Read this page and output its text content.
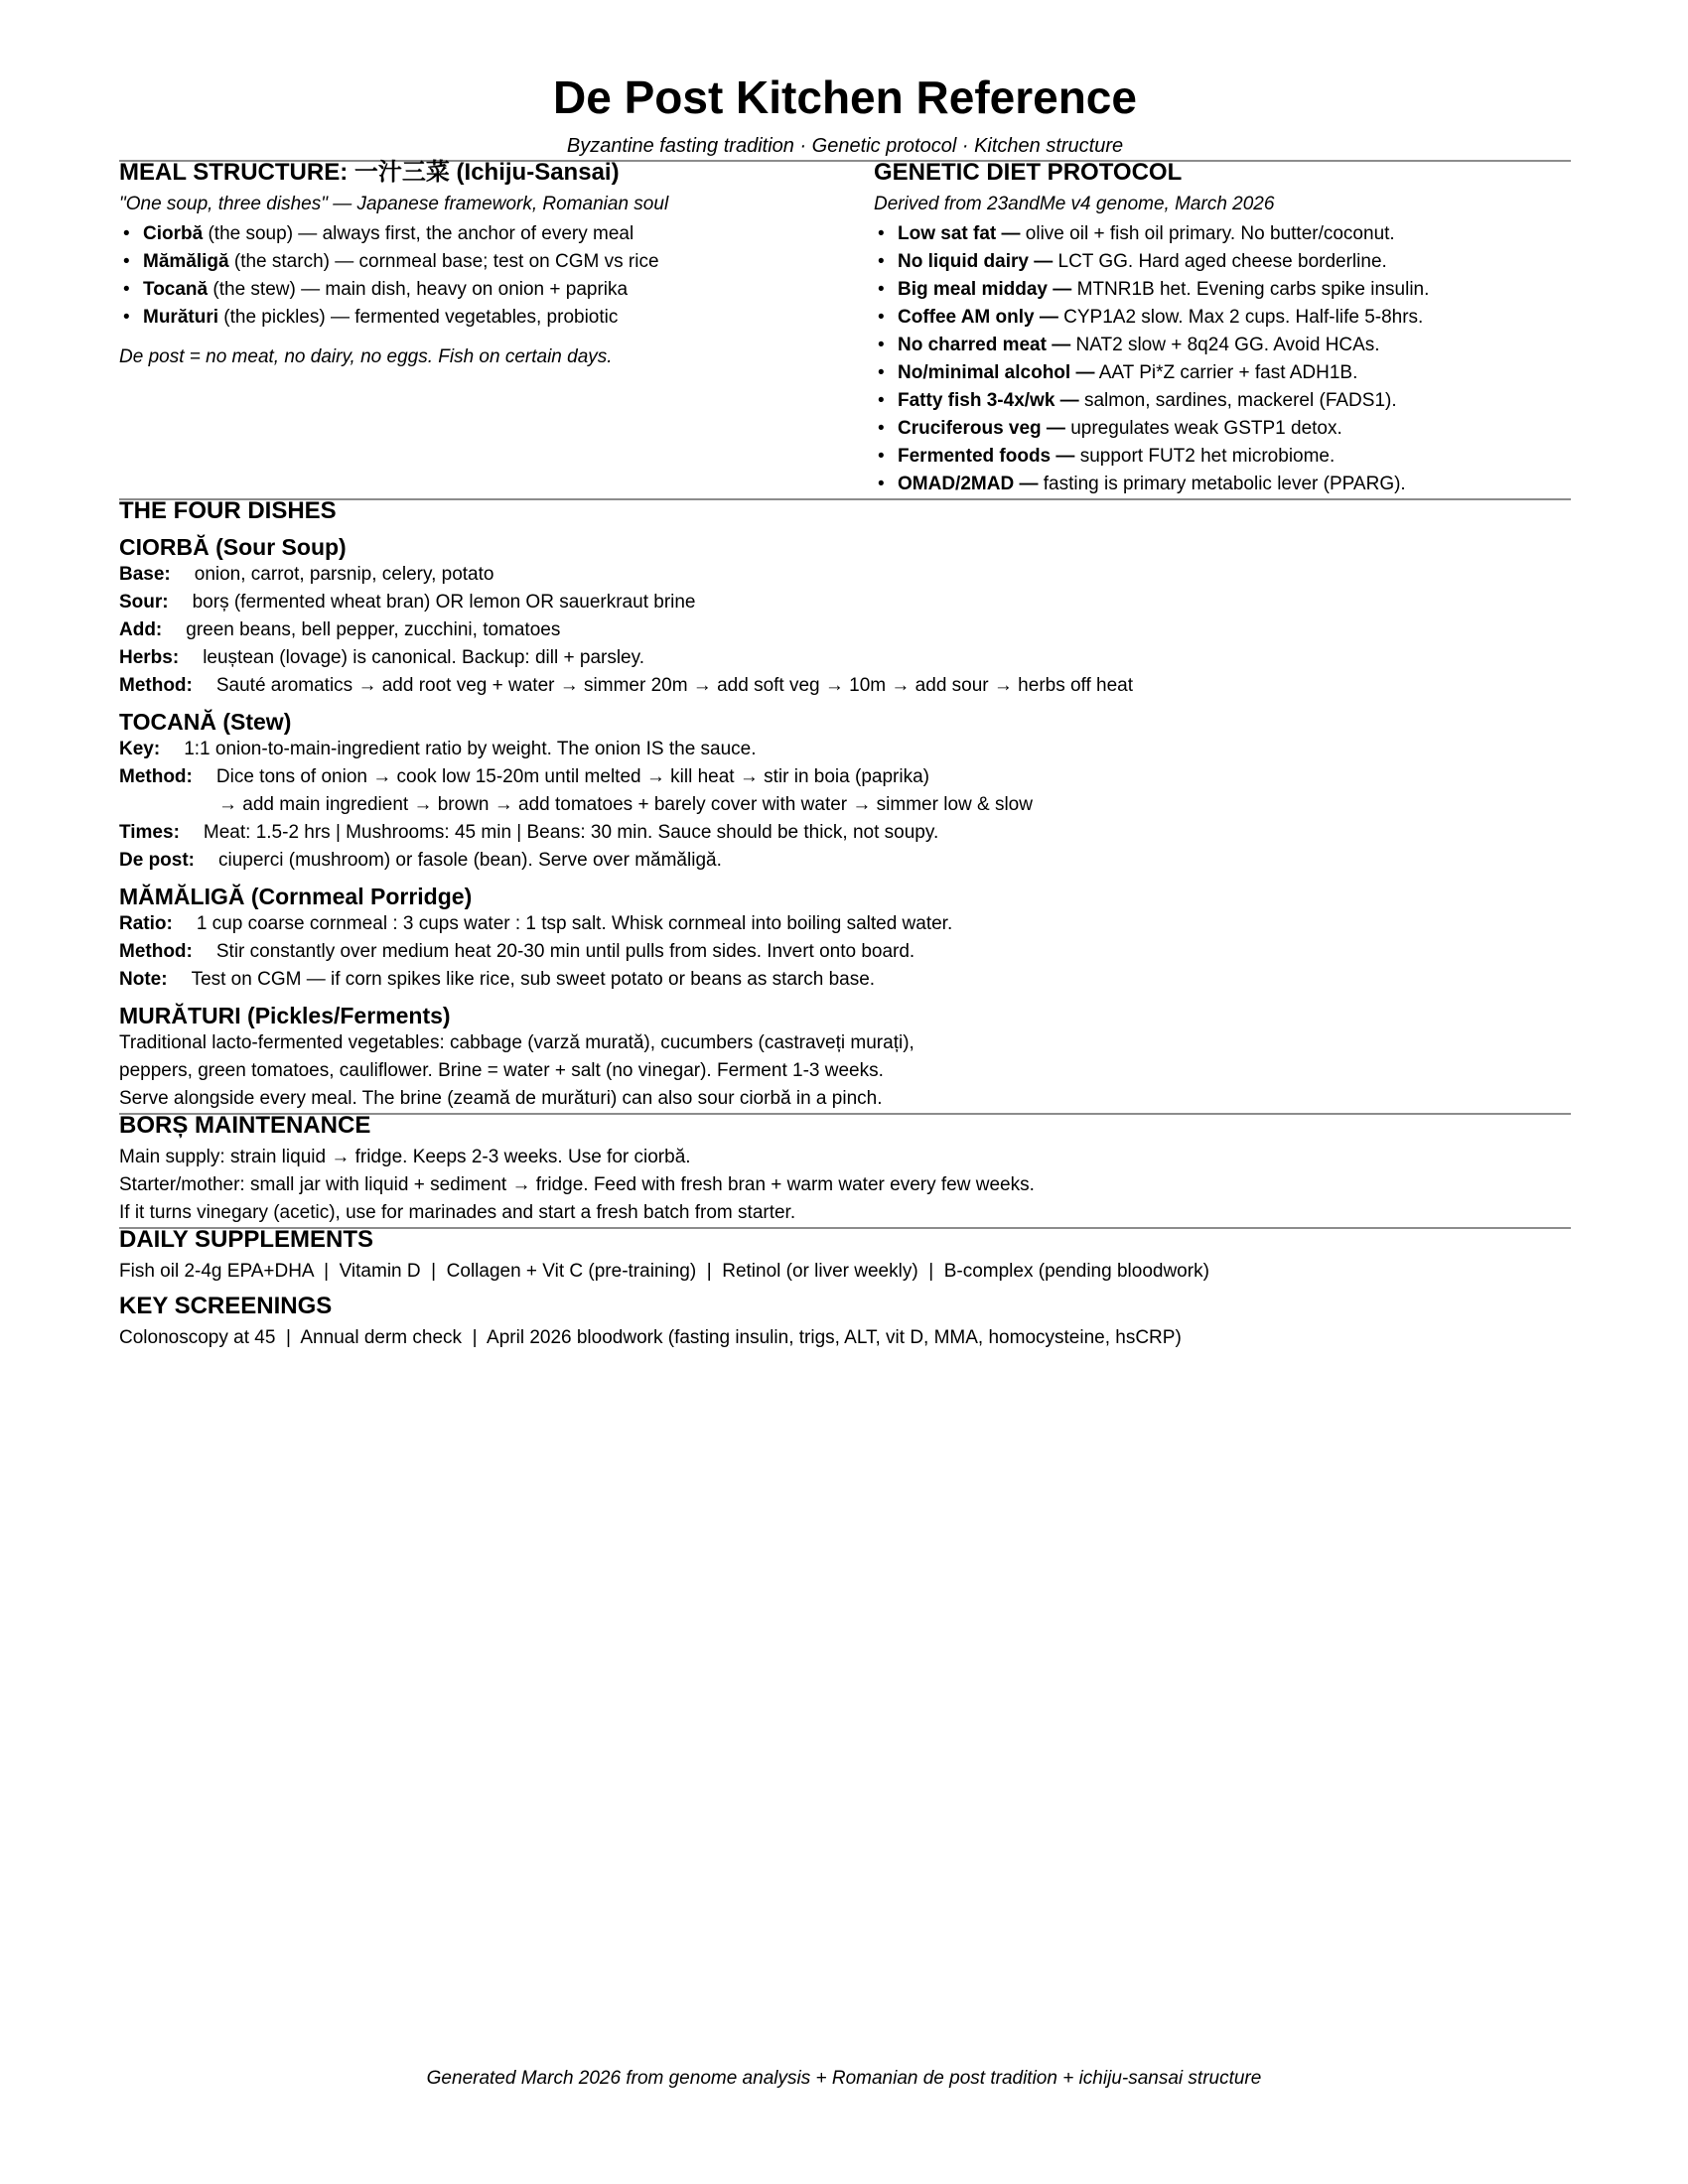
De Post Kitchen Reference

Byzantine fasting tradition · Genetic protocol · Kitchen structure

MEAL STRUCTURE: 一汁三菜 (Ichiju-Sansai)

"One soup, three dishes" — Japanese framework, Romanian soul

• Ciorbă (the soup) — always first, the anchor of every meal
• Mămăligă (the starch) — cornmeal base; test on CGM vs rice
• Tocană (the stew) — main dish, heavy on onion + paprika
• Murături (the pickles) — fermented vegetables, probiotic

De post = no meat, no dairy, no eggs. Fish on certain days.

GENETIC DIET PROTOCOL

Derived from 23andMe v4 genome, March 2026

• Low sat fat — olive oil + fish oil primary. No butter/coconut.
• No liquid dairy — LCT GG. Hard aged cheese borderline.
• Big meal midday — MTNR1B het. Evening carbs spike insulin.
• Coffee AM only — CYP1A2 slow. Max 2 cups. Half-life 5-8hrs.
• No charred meat — NAT2 slow + 8q24 GG. Avoid HCAs.
• No/minimal alcohol — AAT Pi*Z carrier + fast ADH1B.
• Fatty fish 3-4x/wk — salmon, sardines, mackerel (FADS1).
• Cruciferous veg — upregulates weak GSTP1 detox.
• Fermented foods — support FUT2 het microbiome.
• OMAD/2MAD — fasting is primary metabolic lever (PPARG).
THE FOUR DISHES
CIORBĂ (Sour Soup)
Base: onion, carrot, parsnip, celery, potato
Sour: borș (fermented wheat bran) OR lemon OR sauerkraut brine
Add: green beans, bell pepper, zucchini, tomatoes
Herbs: leuștean (lovage) is canonical. Backup: dill + parsley.
Method: Sauté aromatics → add root veg + water → simmer 20m → add soft veg → 10m → add sour → herbs off heat
TOCANĂ (Stew)
Key: 1:1 onion-to-main-ingredient ratio by weight. The onion IS the sauce.
Method: Dice tons of onion → cook low 15-20m until melted → kill heat → stir in boia (paprika)
→ add main ingredient → brown → add tomatoes + barely cover with water → simmer low & slow
Times: Meat: 1.5-2 hrs | Mushrooms: 45 min | Beans: 30 min. Sauce should be thick, not soupy.
De post: ciuperci (mushroom) or fasole (bean). Serve over mămăligă.
MĂMĂLIGĂ (Cornmeal Porridge)
Ratio: 1 cup coarse cornmeal : 3 cups water : 1 tsp salt. Whisk cornmeal into boiling salted water.
Method: Stir constantly over medium heat 20-30 min until pulls from sides. Invert onto board.
Note: Test on CGM — if corn spikes like rice, sub sweet potato or beans as starch base.
MURĂTURI (Pickles/Ferments)
Traditional lacto-fermented vegetables: cabbage (varză murată), cucumbers (castraveți murați),
peppers, green tomatoes, cauliflower. Brine = water + salt (no vinegar). Ferment 1-3 weeks.
Serve alongside every meal. The brine (zeamă de murături) can also sour ciorbă in a pinch.
BORȘ MAINTENANCE
Main supply: strain liquid → fridge. Keeps 2-3 weeks. Use for ciorbă.
Starter/mother: small jar with liquid + sediment → fridge. Feed with fresh bran + warm water every few weeks.
If it turns vinegary (acetic), use for marinades and start a fresh batch from starter.
DAILY SUPPLEMENTS
Fish oil 2-4g EPA+DHA  |  Vitamin D  |  Collagen + Vit C (pre-training)  |  Retinol (or liver weekly)  |  B-complex (pending bloodwork)
KEY SCREENINGS
Colonoscopy at 45  |  Annual derm check  |  April 2026 bloodwork (fasting insulin, trigs, ALT, vit D, MMA, homocysteine, hsCRP)
Generated March 2026 from genome analysis + Romanian de post tradition + ichiju-sansai structure
